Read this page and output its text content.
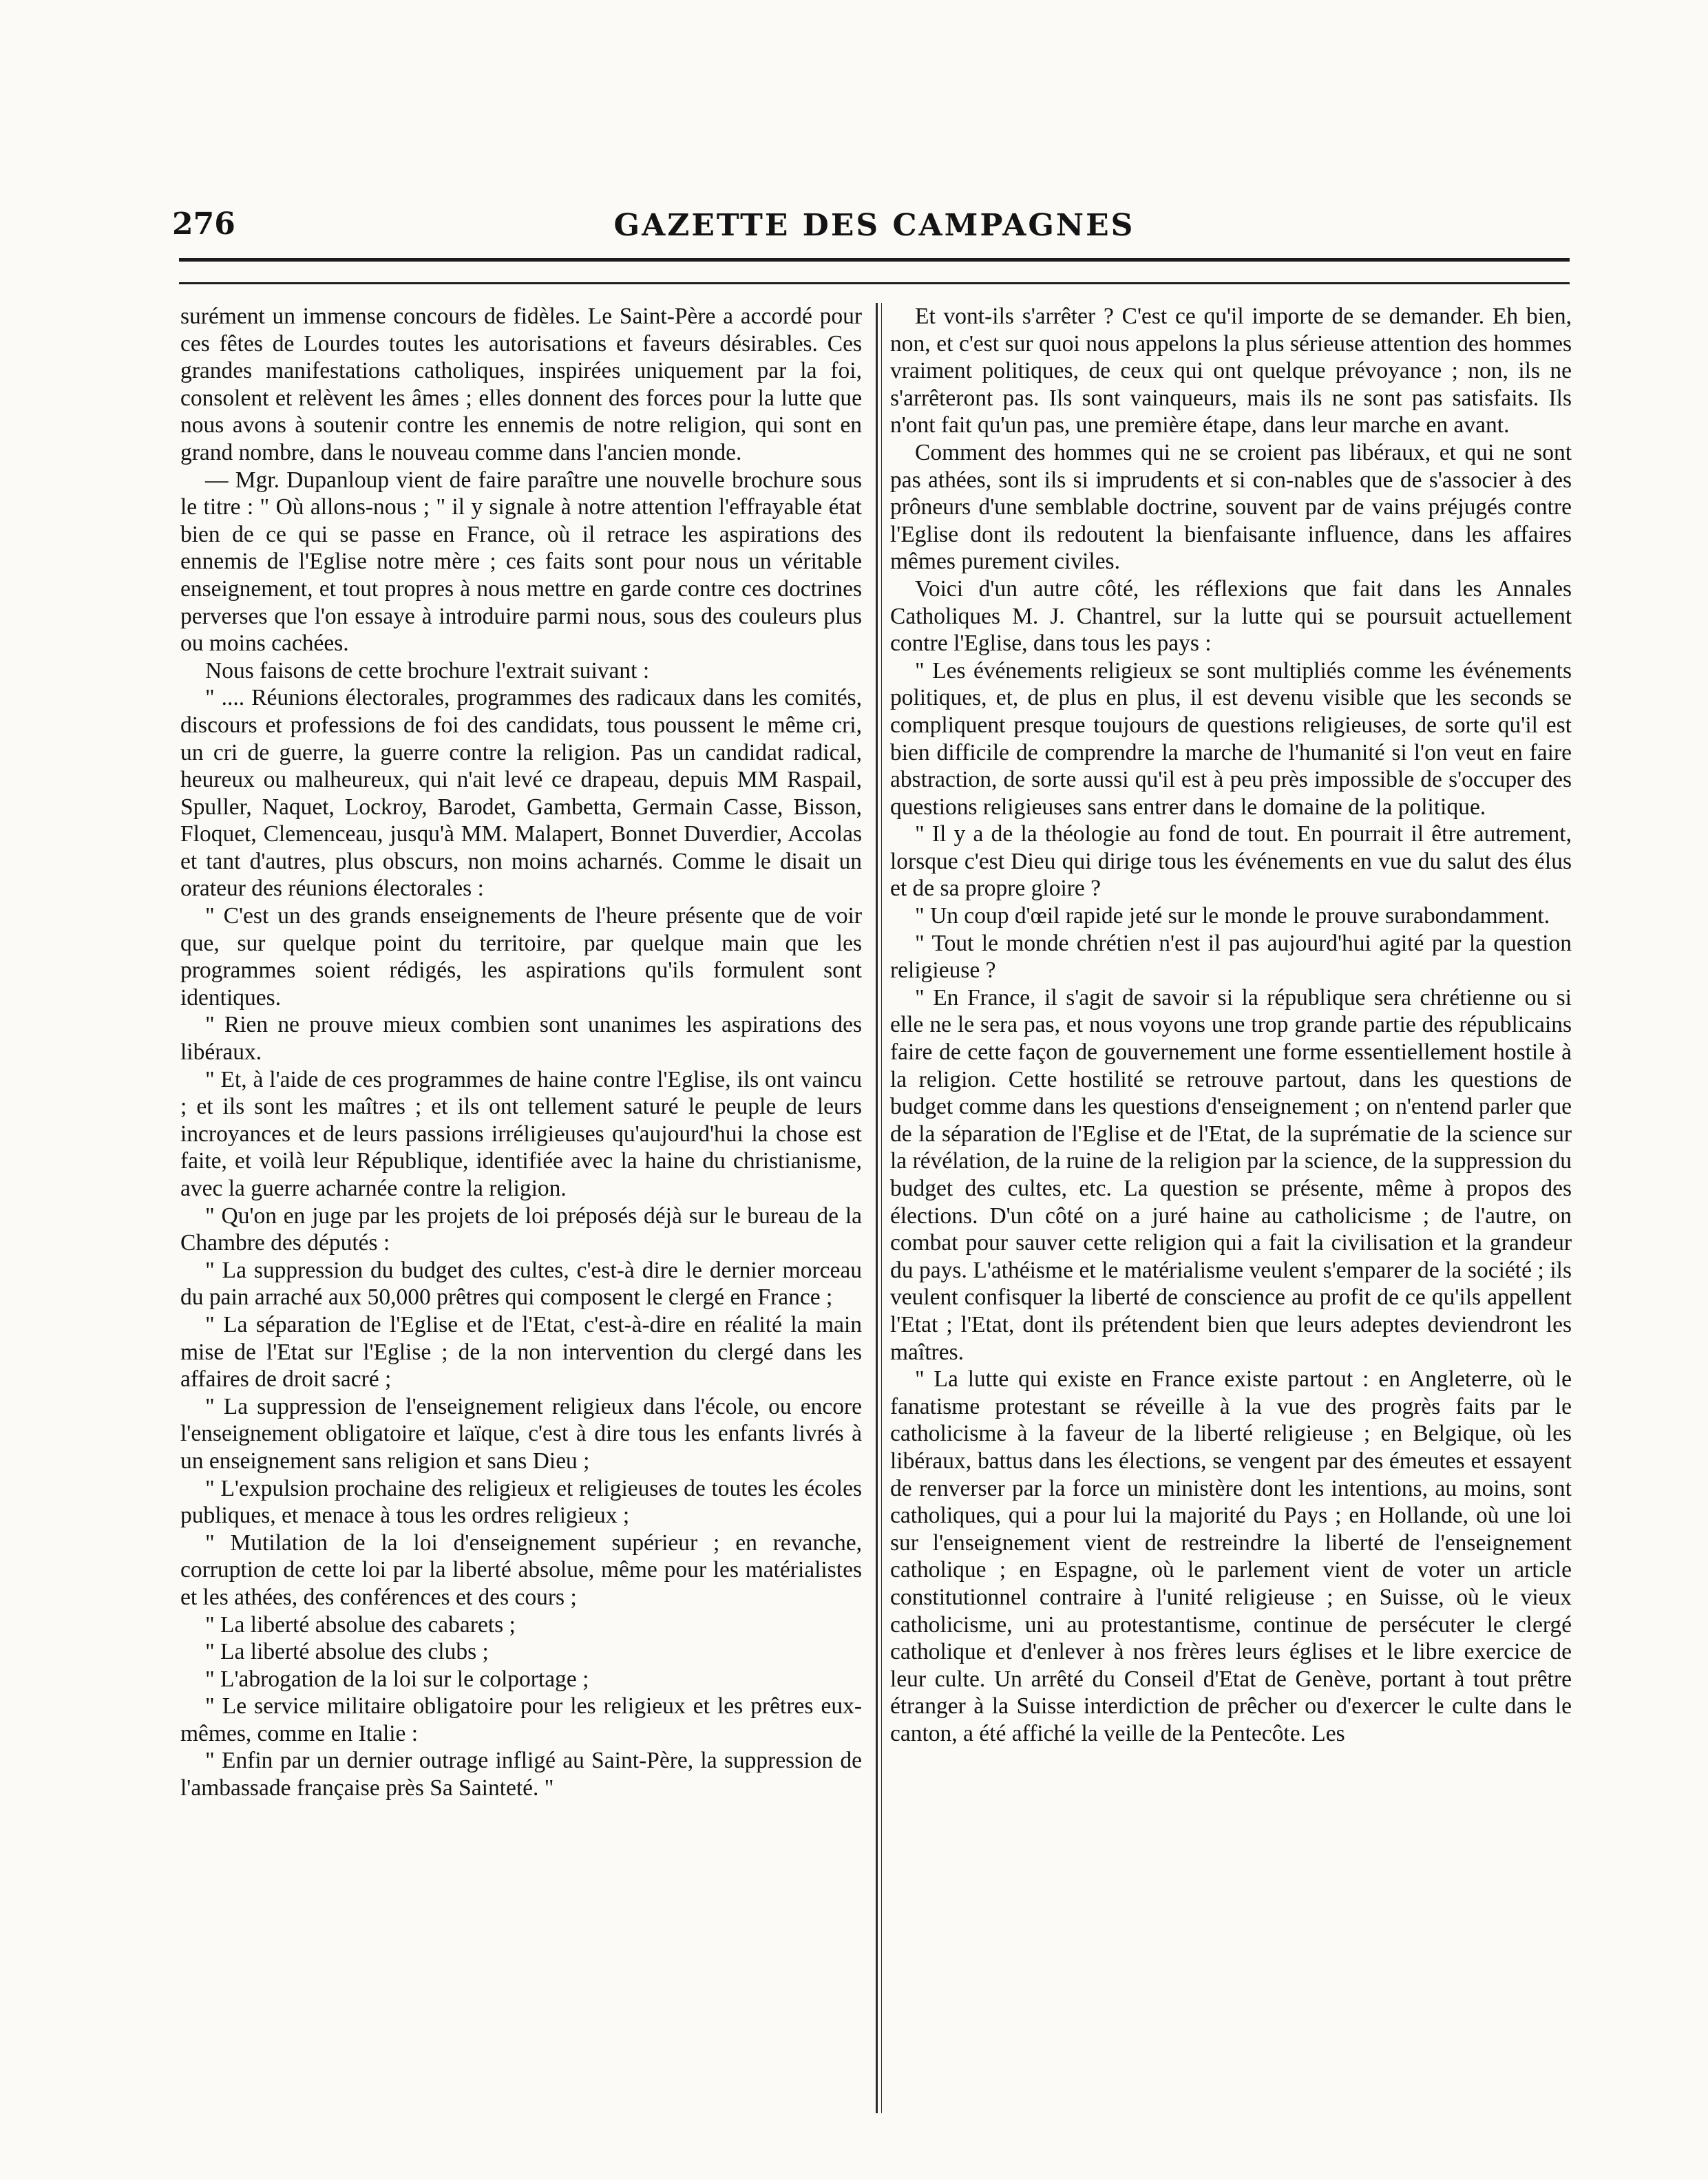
276	GAZETTE DES CAMPAGNES

surément un immense concours de fidèles. Le Saint-Père a accordé pour ces fêtes de Lourdes toutes les autorisations et faveurs désirables. Ces grandes manifestations catholiques, inspirées uniquement par la foi, consolent et relèvent les âmes ; elles donnent des forces pour la lutte que nous avons à soutenir contre les ennemis de notre religion, qui sont en grand nombre, dans le nouveau comme dans l'ancien monde.

— Mgr. Dupanloup vient de faire paraître une nouvelle brochure sous le titre : " Où allons-nous ; " il y signale à notre attention l'effrayable état bien de ce qui se passe en France, où il retrace les aspirations des ennemis de l'Eglise notre mère ; ces faits sont pour nous un véritable enseignement, et tout propres à nous mettre en garde contre ces doctrines perverses que l'on essaye à introduire parmi nous, sous des couleurs plus ou moins cachées.

Nous faisons de cette brochure l'extrait suivant :

" .... Réunions électorales, programmes des radicaux dans les comités, discours et professions de foi des candidats, tous poussent le même cri, un cri de guerre, la guerre contre la religion. Pas un candidat radical, heureux ou malheureux, qui n'ait levé ce drapeau, depuis MM Raspail, Spuller, Naquet, Lockroy, Barodet, Gambetta, Germain Casse, Bisson, Floquet, Clemenceau, jusqu'à MM. Malapert, Bonnet Duverdier, Accolas et tant d'autres, plus obscurs, non moins acharnés. Comme le disait un orateur des réunions électorales :

" C'est un des grands enseignements de l'heure présente que de voir que, sur quelque point du territoire, par quelque main que les programmes soient rédigés, les aspirations qu'ils formulent sont identiques.

" Rien ne prouve mieux combien sont unanimes les aspirations des libéraux.

" Et, à l'aide de ces programmes de haine contre l'Eglise, ils ont vaincu ; et ils sont les maîtres ; et ils ont tellement saturé le peuple de leurs incroyances et de leurs passions irréligieuses qu'aujourd'hui la chose est faite, et voilà leur République, identifiée avec la haine du christianisme, avec la guerre acharnée contre la religion.

" Qu'on en juge par les projets de loi préposés déjà sur le bureau de la Chambre des députés :

" La suppression du budget des cultes, c'est-à dire le dernier morceau du pain arraché aux 50,000 prêtres qui composent le clergé en France ;

" La séparation de l'Eglise et de l'Etat, c'est-à-dire en réalité la main mise de l'Etat sur l'Eglise ; de la non intervention du clergé dans les affaires de droit sacré ;

" La suppression de l'enseignement religieux dans l'école, ou encore l'enseignement obligatoire et laïque, c'est à dire tous les enfants livrés à un enseignement sans religion et sans Dieu ;

" L'expulsion prochaine des religieux et religieuses de toutes les écoles publiques, et menace à tous les ordres religieux ;

" Mutilation de la loi d'enseignement supérieur ; en revanche, corruption de cette loi par la liberté absolue, même pour les matérialistes et les athées, des conférences et des cours ;

" La liberté absolue des cabarets ;

" La liberté absolue des clubs ;

" L'abrogation de la loi sur le colportage ;

" Le service militaire obligatoire pour les religieux et les prêtres eux-mêmes, comme en Italie :

" Enfin par un dernier outrage infligé au Saint-Père, la suppression de l'ambassade française près Sa Sainteté. "

Et vont-ils s'arrêter ? C'est ce qu'il importe de se demander. Eh bien, non, et c'est sur quoi nous appelons la plus sérieuse attention des hommes vraiment politiques, de ceux qui ont quelque prévoyance ; non, ils ne s'arrêteront pas. Ils sont vainqueurs, mais ils ne sont pas satisfaits. Ils n'ont fait qu'un pas, une première étape, dans leur marche en avant.

Comment des hommes qui ne se croient pas libéraux, et qui ne sont pas athées, sont ils si imprudents et si con-nables que de s'associer à des prôneurs d'une semblable doctrine, souvent par de vains préjugés contre l'Eglise dont ils redoutent la bienfaisante influence, dans les affaires mêmes purement civiles.

Voici d'un autre côté, les réflexions que fait dans les Annales Catholiques M. J. Chantrel, sur la lutte qui se poursuit actuellement contre l'Eglise, dans tous les pays :

" Les événements religieux se sont multipliés comme les événements politiques, et, de plus en plus, il est devenu visible que les seconds se compliquent presque toujours de questions religieuses, de sorte qu'il est bien difficile de comprendre la marche de l'humanité si l'on veut en faire abstraction, de sorte aussi qu'il est à peu près impossible de s'occuper des questions religieuses sans entrer dans le domaine de la politique.

" Il y a de la théologie au fond de tout. En pourrait il être autrement, lorsque c'est Dieu qui dirige tous les événements en vue du salut des élus et de sa propre gloire ?

" Un coup d'œil rapide jeté sur le monde le prouve surabondamment.

" Tout le monde chrétien n'est il pas aujourd'hui agité par la question religieuse ?

" En France, il s'agit de savoir si la république sera chrétienne ou si elle ne le sera pas, et nous voyons une trop grande partie des républicains faire de cette façon de gouvernement une forme essentiellement hostile à la religion. Cette hostilité se retrouve partout, dans les questions de budget comme dans les questions d'enseignement ; on n'entend parler que de la séparation de l'Eglise et de l'Etat, de la suprématie de la science sur la révélation, de la ruine de la religion par la science, de la suppression du budget des cultes, etc. La question se présente, même à propos des élections. D'un côté on a juré haine au catholicisme ; de l'autre, on combat pour sauver cette religion qui a fait la civilisation et la grandeur du pays. L'athéisme et le matérialisme veulent s'emparer de la société ; ils veulent confisquer la liberté de conscience au profit de ce qu'ils appellent l'Etat ; l'Etat, dont ils prétendent bien que leurs adeptes deviendront les maîtres.

" La lutte qui existe en France existe partout : en Angleterre, où le fanatisme protestant se réveille à la vue des progrès faits par le catholicisme à la faveur de la liberté religieuse ; en Belgique, où les libéraux, battus dans les élections, se vengent par des émeutes et essayent de renverser par la force un ministère dont les intentions, au moins, sont catholiques, qui a pour lui la majorité du Pays ; en Hollande, où une loi sur l'enseignement vient de restreindre la liberté de l'enseignement catholique ; en Espagne, où le parlement vient de voter un article constitutionnel contraire à l'unité religieuse ; en Suisse, où le vieux catholicisme, uni au protestantisme, continue de persécuter le clergé catholique et d'enlever à nos frères leurs églises et le libre exercice de leur culte. Un arrêté du Conseil d'Etat de Genève, portant à tout prêtre étranger à la Suisse interdiction de prêcher ou d'exercer le culte dans le canton, a été affiché la veille de la Pentecôte. Les
